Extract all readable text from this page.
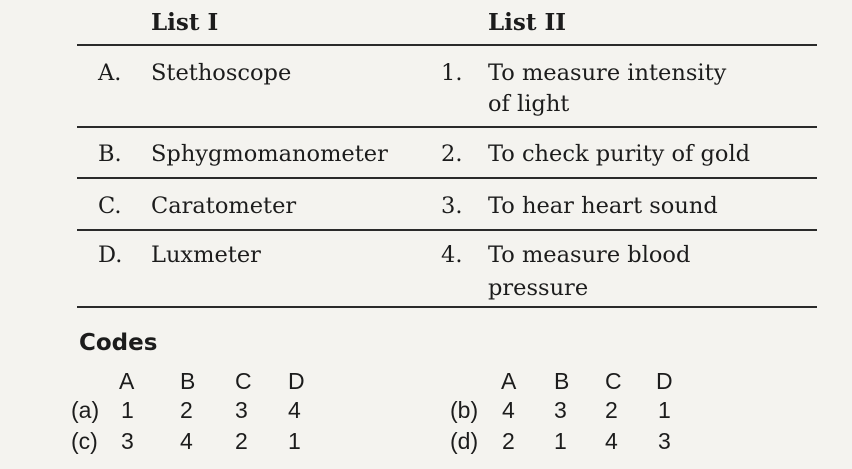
List I	List II
A. Stethoscope	1. To measure intensity
of light
B. Sphygmomanometer 2. To check purity of gold
C. Caratometer	3. To hear heart sound
D. Luxmeter	4. To measure blood
pressure
Codes
A B C D	A B C D
(a) 1 2 3 4	(b) 4 3 2 1
(c) 3 4 2 1	(d) 2 1 4 3
